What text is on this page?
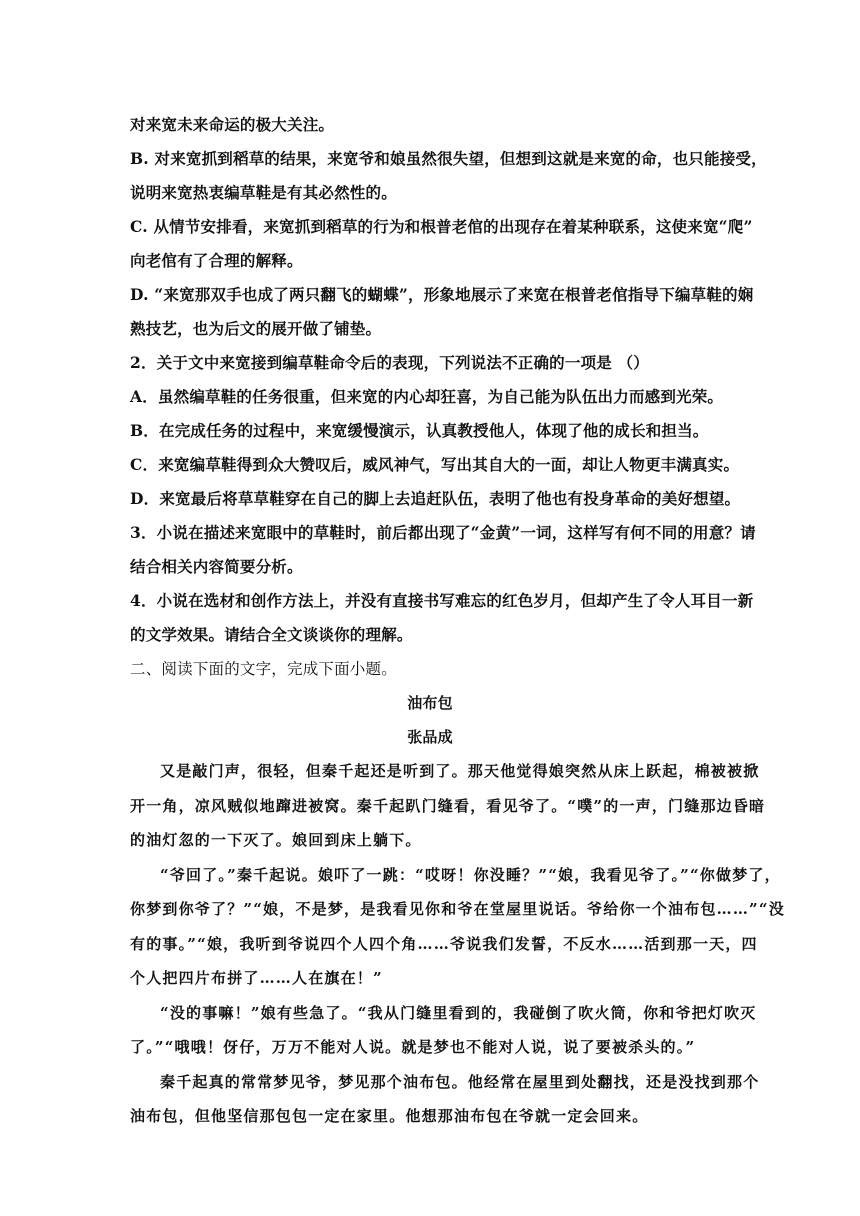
对来宽未来命运的极大关注。

B. 对来宽抓到稻草的结果，来宽爷和娘虽然很失望，但想到这就是来宽的命，也只能接受，

说明来宽热衷编草鞋是有其必然性的。

C. 从情节安排看，来宽抓到稻草的行为和根普老倌的出现存在着某种联系，这使来宽“爬”

向老倌有了合理的解释。

D. “来宽那双手也成了两只翻飞的蝴蝶”，形象地展示了来宽在根普老倌指导下编草鞋的娴

熟技艺，也为后文的展开做了铺垫。

2．关于文中来宽接到编草鞋命令后的表现，下列说法不正确的一项是 （）

A．虽然编草鞋的任务很重，但来宽的内心却狂喜，为自己能为队伍出力而感到光荣。

B．在完成任务的过程中，来宽缓慢演示，认真教授他人，体现了他的成长和担当。

C．来宽编草鞋得到众大赞叹后，威风神气，写出其自大的一面，却让人物更丰满真实。

D．来宽最后将草草鞋穿在自己的脚上去追赶队伍，表明了他也有投身革命的美好想望。

3．小说在描述来宽眼中的草鞋时，前后都出现了“金黄”一词，这样写有何不同的用意？请

结合相关内容简要分析。

4．小说在选材和创作方法上，并没有直接书写难忘的红色岁月，但却产生了令人耳目一新

的文学效果。请结合全文谈谈你的理解。

二、阅读下面的文字，完成下面小题。

油布包

张品成

又是敲门声，很轻，但秦千起还是听到了。那天他觉得娘突然从床上跃起，棉被被掀

开一角，凉风贼似地蹿进被窝。秦千起趴门缝看，看见爷了。“噗”的一声，门缝那边昏暗

的油灯忽的一下灭了。娘回到床上躺下。

“爷回了。”秦千起说。娘吓了一跳：“哎呀！你没睡？”“娘，我看见爷了。”“你做梦了，

你梦到你爷了？”“娘，不是梦，是我看见你和爷在堂屋里说话。爷给你一个油布包……”“没

有的事。”“娘，我听到爷说四个人四个角……爷说我们发誓，不反水……活到那一天，四

个人把四片布拼了……人在旗在！”

“没的事嘛！”娘有些急了。“我从门缝里看到的，我碰倒了吹火筒，你和爷把灯吹灭

了。”“哦哦！伢仔，万万不能对人说。就是梦也不能对人说，说了要被杀头的。”

秦千起真的常常梦见爷，梦见那个油布包。他经常在屋里到处翻找，还是没找到那个

油布包，但他坚信那包包一定在家里。他想那油布包在爷就一定会回来。
